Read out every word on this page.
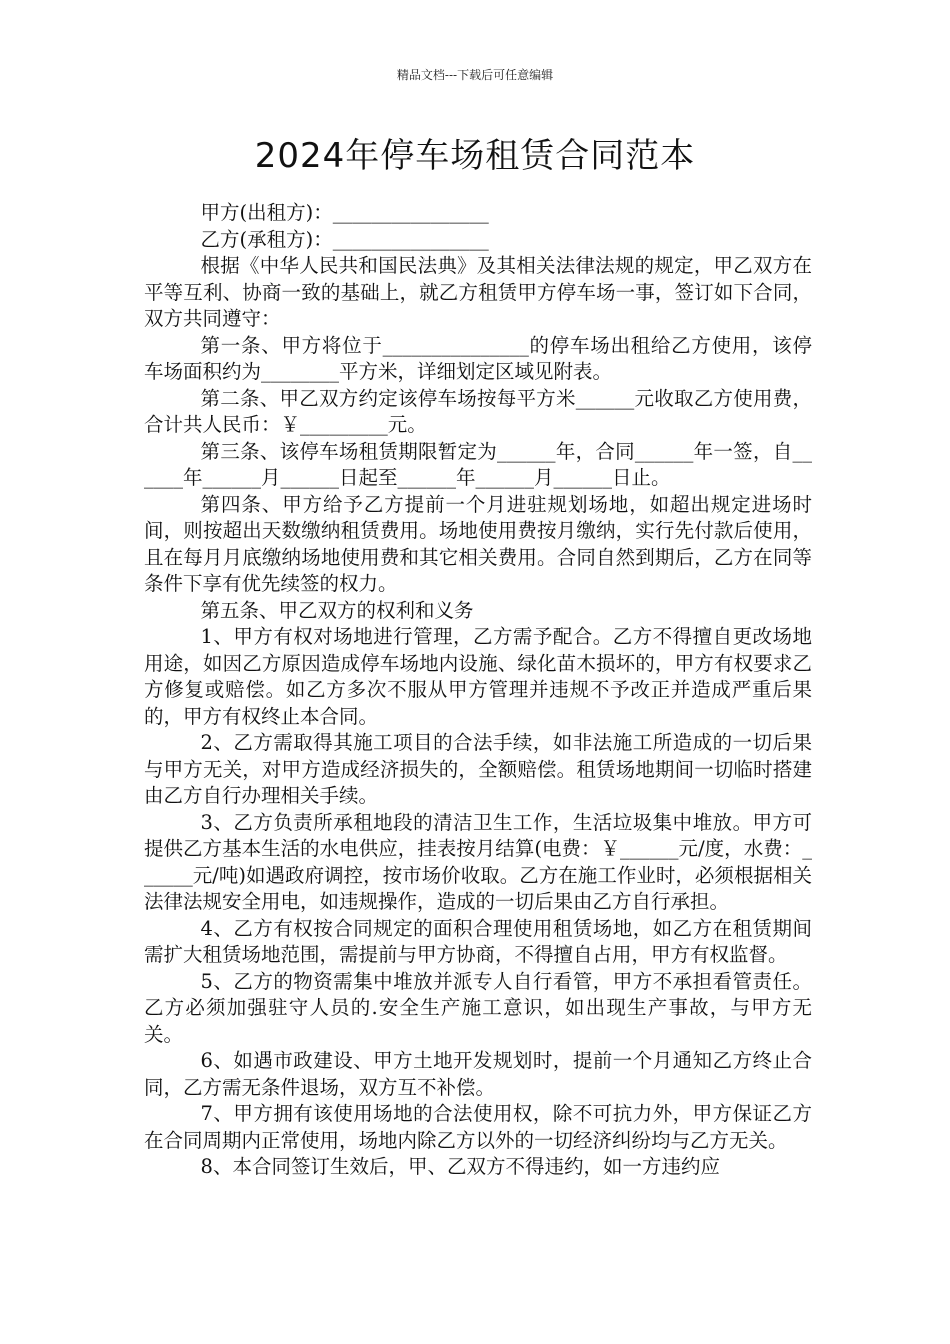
精品文档---下载后可任意编辑
2024年停车场租赁合同范本

甲方(出租方)：________________

乙方(承租方)：________________

根据《中华人民共和国民法典》及其相关法律法规的规定，甲乙双方在平等互利、协商一致的基础上，就乙方租赁甲方停车场一事，签订如下合同，双方共同遵守：

第一条、甲方将位于_______________的停车场出租给乙方使用，该停车场面积约为________平方米，详细划定区域见附表。

第二条、甲乙双方约定该停车场按每平方米______元收取乙方使用费，合计共人民币：￥_________元。

第三条、该停车场租赁期限暂定为______年，合同______年一签，自______年______月______日起至______年______月______日止。

第四条、甲方给予乙方提前一个月进驻规划场地，如超出规定进场时间，则按超出天数缴纳租赁费用。场地使用费按月缴纳，实行先付款后使用，且在每月月底缴纳场地使用费和其它相关费用。合同自然到期后，乙方在同等条件下享有优先续签的权力。

第五条、甲乙双方的权利和义务

1、甲方有权对场地进行管理，乙方需予配合。乙方不得擅自更改场地用途，如因乙方原因造成停车场地内设施、绿化苗木损坏的，甲方有权要求乙方修复或赔偿。如乙方多次不服从甲方管理并违规不予改正并造成严重后果的，甲方有权终止本合同。

2、乙方需取得其施工项目的合法手续，如非法施工所造成的一切后果与甲方无关，对甲方造成经济损失的，全额赔偿。租赁场地期间一切临时搭建由乙方自行办理相关手续。

3、乙方负责所承租地段的清洁卫生工作，生活垃圾集中堆放。甲方可提供乙方基本生活的水电供应，挂表按月结算(电费：￥______元/度，水费：______元/吨)如遇政府调控，按市场价收取。乙方在施工作业时，必须根据相关法律法规安全用电，如违规操作，造成的一切后果由乙方自行承担。

4、乙方有权按合同规定的面积合理使用租赁场地，如乙方在租赁期间需扩大租赁场地范围，需提前与甲方协商，不得擅自占用，甲方有权监督。

5、乙方的物资需集中堆放并派专人自行看管，甲方不承担看管责任。乙方必须加强驻守人员的.安全生产施工意识，如出现生产事故，与甲方无关。

6、如遇市政建设、甲方土地开发规划时，提前一个月通知乙方终止合同，乙方需无条件退场，双方互不补偿。

7、甲方拥有该使用场地的合法使用权，除不可抗力外，甲方保证乙方在合同周期内正常使用，场地内除乙方以外的一切经济纠纷均与乙方无关。

8、本合同签订生效后，甲、乙双方不得违约，如一方违约应
